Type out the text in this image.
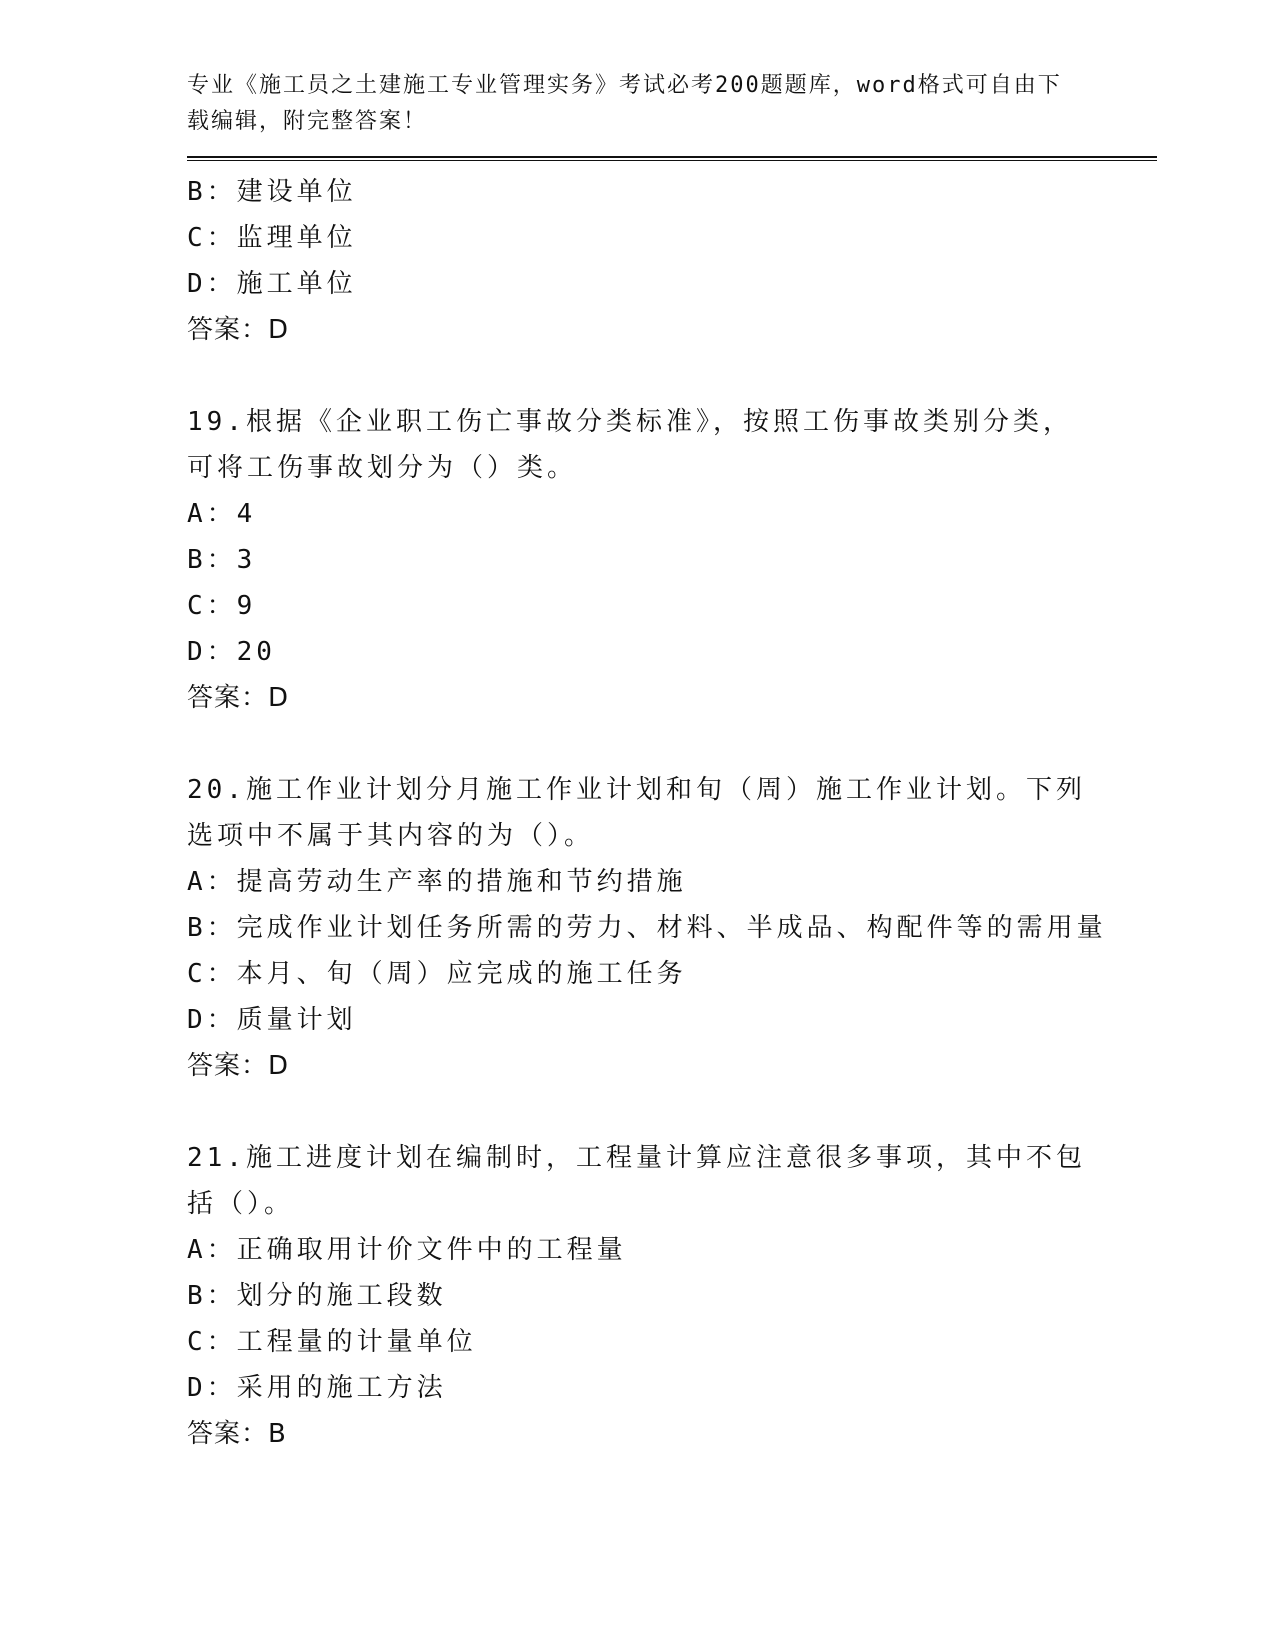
专业《施工员之土建施工专业管理实务》考试必考200题题库，word格式可自由下载编辑，附完整答案！
B：建设单位
C：监理单位
D：施工单位
答案：D
19.根据《企业职工伤亡事故分类标准》，按照工伤事故类别分类，可将工伤事故划分为（）类。
A：4
B：3
C：9
D：20
答案：D
20.施工作业计划分月施工作业计划和旬（周）施工作业计划。下列选项中不属于其内容的为（）。
A：提高劳动生产率的措施和节约措施
B：完成作业计划任务所需的劳力、材料、半成品、构配件等的需用量
C：本月、旬（周）应完成的施工任务
D：质量计划
答案：D
21.施工进度计划在编制时，工程量计算应注意很多事项，其中不包括（）。
A：正确取用计价文件中的工程量
B：划分的施工段数
C：工程量的计量单位
D：采用的施工方法
答案：B
